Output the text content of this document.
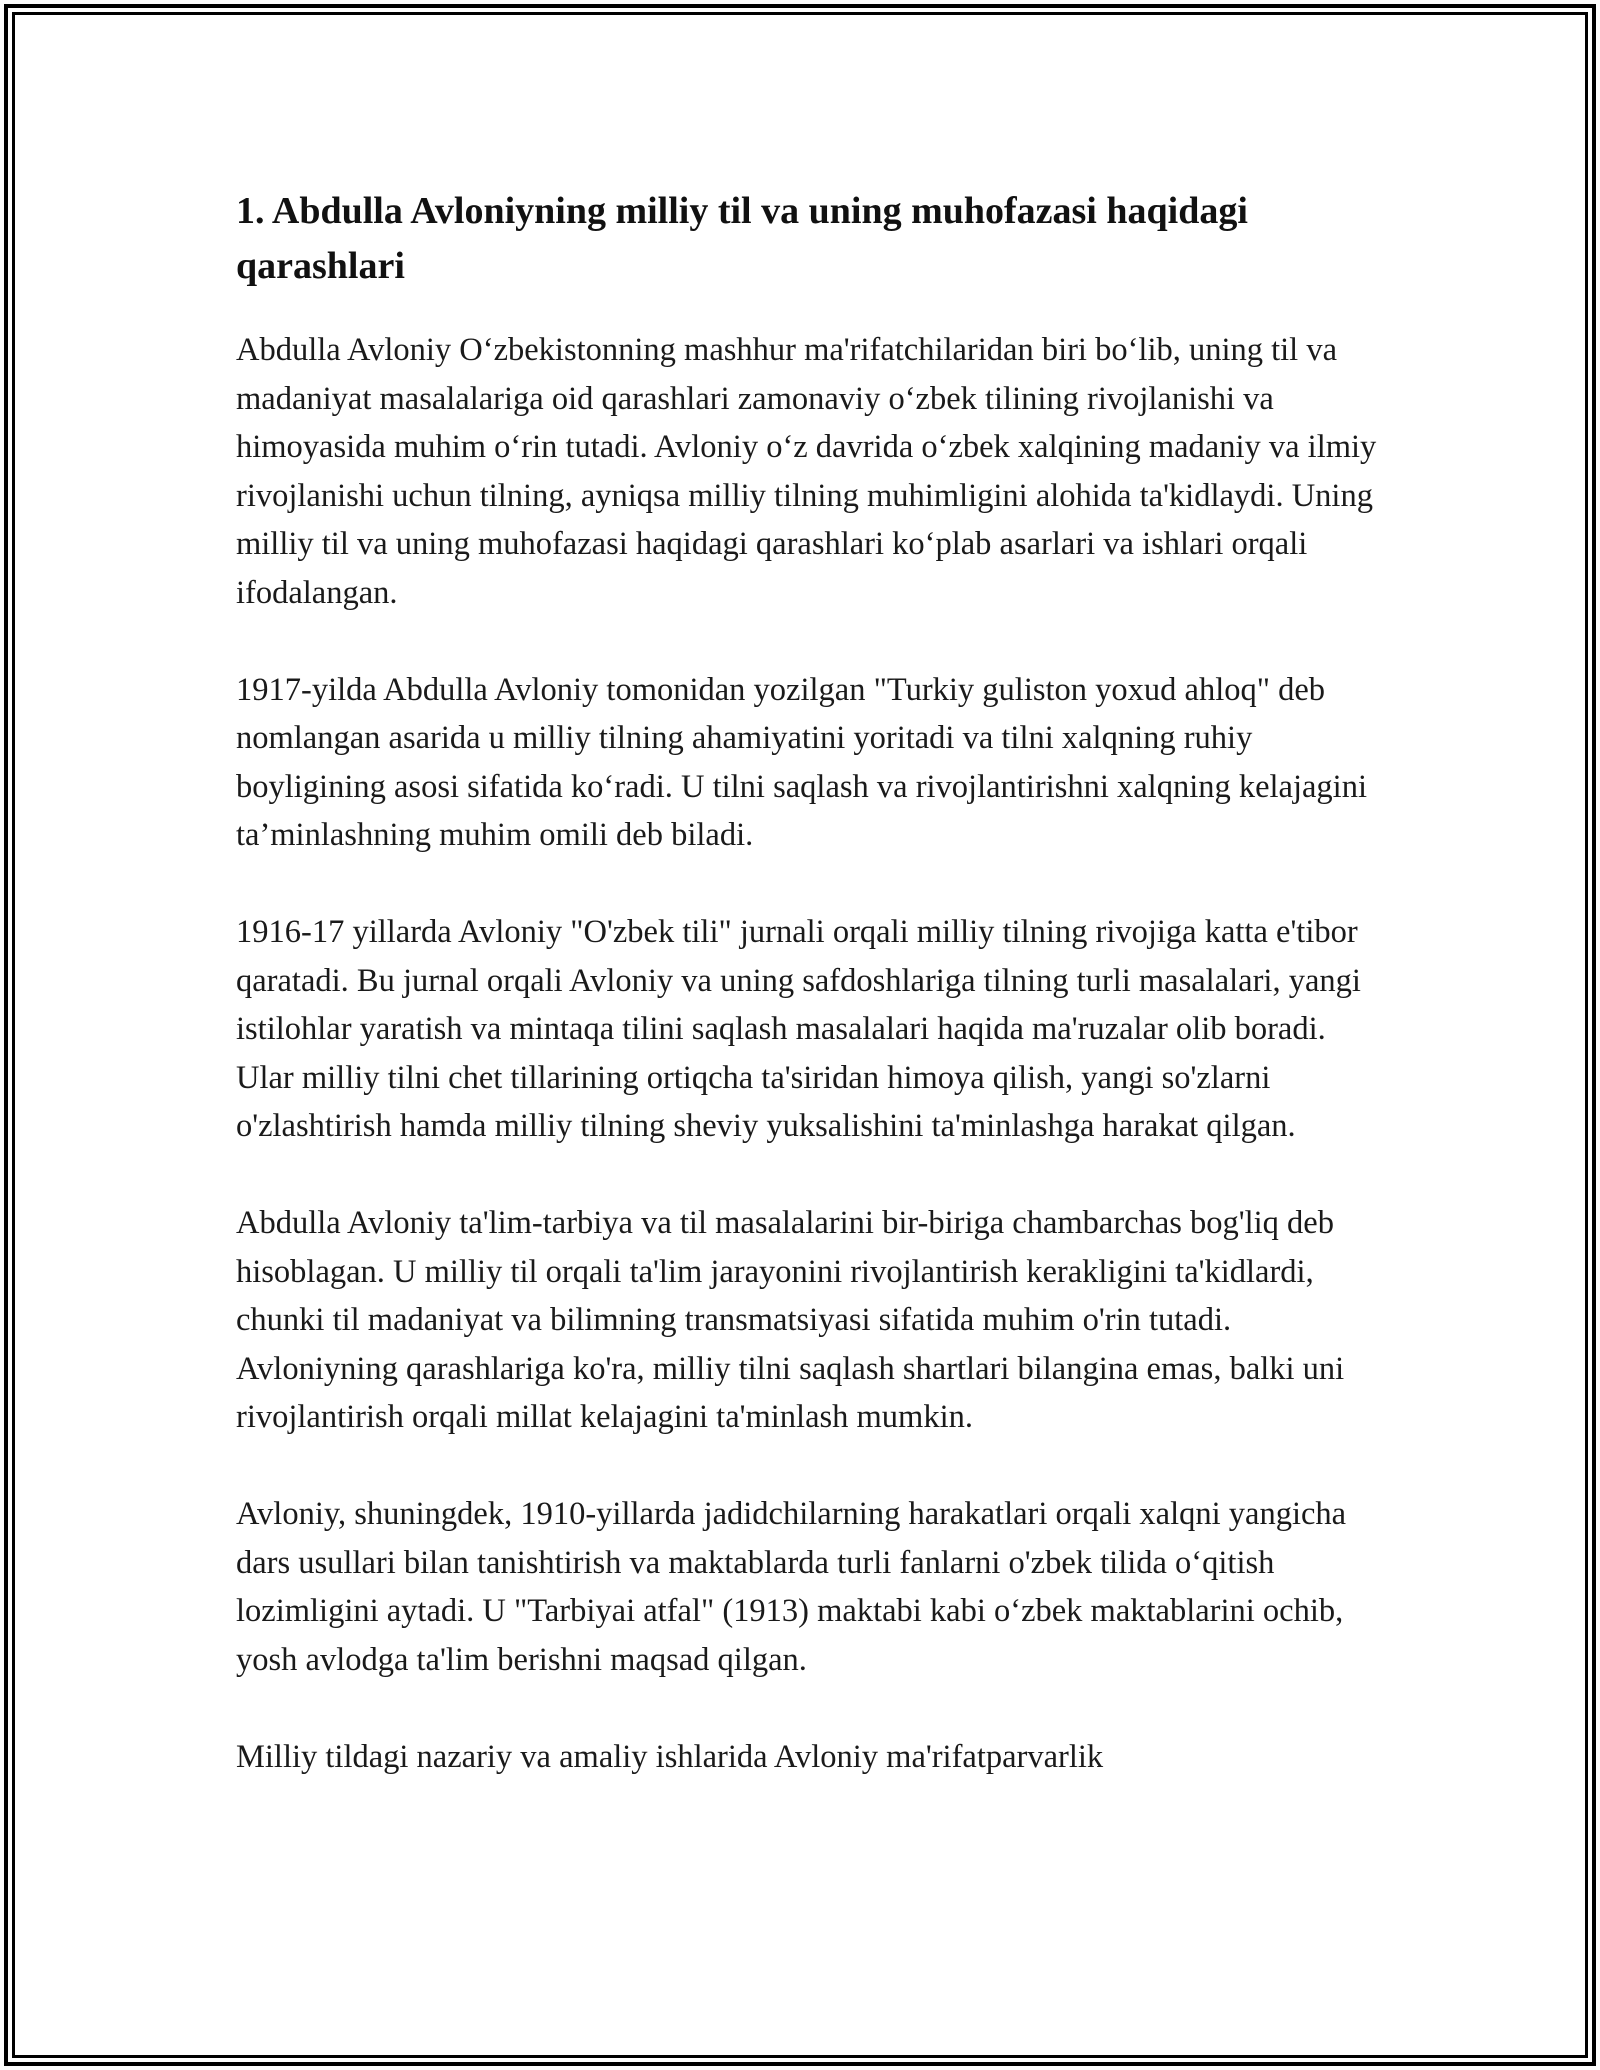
1. Abdulla Avloniyning milliy til va uning muhofazasi haqidagi qarashlari

Abdulla Avloniy O‘zbekistonning mashhur ma'rifatchilaridan biri bo‘lib, uning til va madaniyat masalalariga oid qarashlari zamonaviy o‘zbek tilining rivojlanishi va himoyasida muhim o‘rin tutadi. Avloniy o‘z davrida o‘zbek xalqining madaniy va ilmiy rivojlanishi uchun tilning, ayniqsa milliy tilning muhimligini alohida ta'kidlaydi. Uning milliy til va uning muhofazasi haqidagi qarashlari ko‘plab asarlari va ishlari orqali ifodalangan.

1917-yilda Abdulla Avloniy tomonidan yozilgan "Turkiy guliston yoxud ahloq" deb nomlangan asarida u milliy tilning ahamiyatini yoritadi va tilni xalqning ruhiy boyligining asosi sifatida ko‘radi. U tilni saqlash va rivojlantirishni xalqning kelajagini ta’minlashning muhim omili deb biladi.

1916-17 yillarda Avloniy "O'zbek tili" jurnali orqali milliy tilning rivojiga katta e'tibor qaratadi. Bu jurnal orqali Avloniy va uning safdoshlariga tilning turli masalalari, yangi istilohlar yaratish va mintaqa tilini saqlash masalalari haqida ma'ruzalar olib boradi. Ular milliy tilni chet tillarining ortiqcha ta'siridan himoya qilish, yangi so'zlarni o'zlashtirish hamda milliy tilning sheviy yuksalishini ta'minlashga harakat qilgan.

Abdulla Avloniy ta'lim-tarbiya va til masalalarini bir-biriga chambarchas bog'liq deb hisoblagan. U milliy til orqali ta'lim jarayonini rivojlantirish kerakligini ta'kidlardi, chunki til madaniyat va bilimning transmatsiyasi sifatida muhim o'rin tutadi. Avloniyning qarashlariga ko'ra, milliy tilni saqlash shartlari bilangina emas, balki uni rivojlantirish orqali millat kelajagini ta'minlash mumkin.

Avloniy, shuningdek, 1910-yillarda jadidchilarning harakatlari orqali xalqni yangicha dars usullari bilan tanishtirish va maktablarda turli fanlarni o'zbek tilida o‘qitish lozimligini aytadi. U "Tarbiyai atfal" (1913) maktabi kabi o‘zbek maktablarini ochib, yosh avlodga ta'lim berishni maqsad qilgan.

Milliy tildagi nazariy va amaliy ishlarida Avloniy ma'rifatparvarlik
